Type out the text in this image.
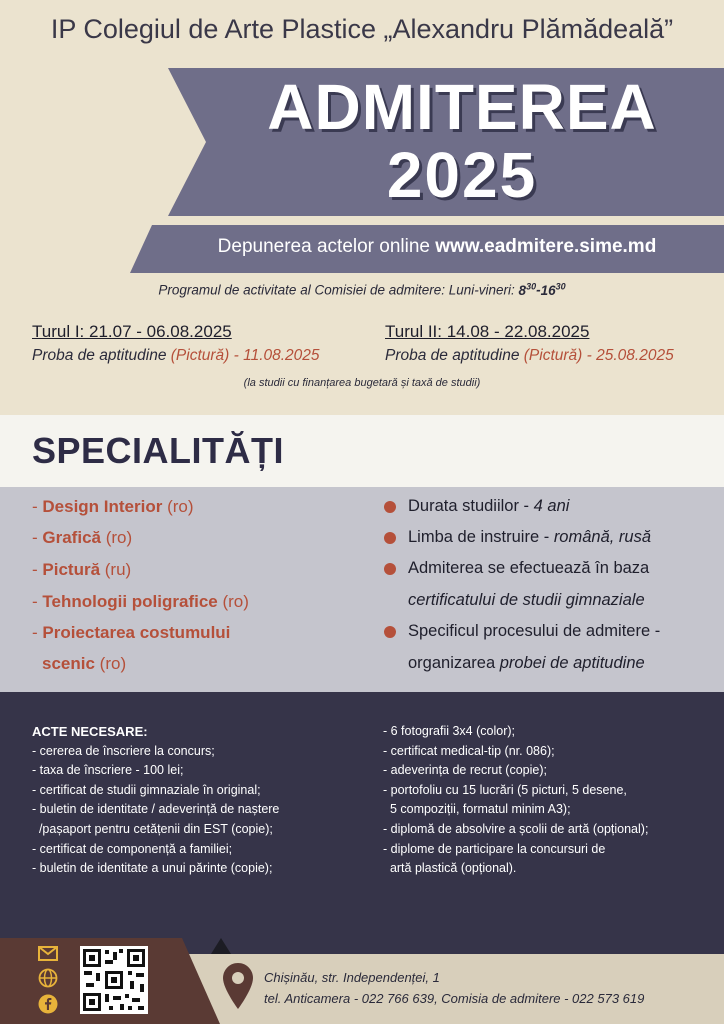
IP Colegiul de Arte Plastice „Alexandru Plămădeală”
ADMITEREA
2025
Depunerea actelor online www.eadmitere.sime.md
Programul de activitate al Comisiei de admitere: Luni-vineri: $8^{30}-16^{30}$
Turul I: 21.07 - 06.08.2025
Proba de aptitudine (Pictură) - 11.08.2025
Turul II: 14.08 - 22.08.2025
Proba de aptitudine (Pictură) - 25.08.2025
(la studii cu finanțarea bugetară și taxă de studii)
SPECIALITĂȚI
- Design Interior (ro)
- Grafică (ro)
- Pictură (ru)
- Tehnologii poligrafice (ro)
- Proiectarea costumului
scenic (ro)
Durata studiilor - 4 ani
Limba de instruire - română, rusă
Admiterea se efectuează în baza
certificatului de studii gimnaziale
Specificul procesului de admitere -
organizarea probei de aptitudine
ACTE NECESARE:
- cererea de înscriere la concurs;
- taxa de înscriere - 100 lei;
- certificat de studii gimnaziale în original;
- buletin de identitate / adeverință de naștere
/pașaport pentru cetățenii din EST (copie);
- certificat de componență a familiei;
- buletin de identitate a unui părinte (copie);
- 6 fotografii 3x4 (color);
- certificat medical-tip (nr. 086);
- adeverința de recrut (copie);
- portofoliu cu 15 lucrări (5 picturi, 5 desene,
5 compoziții, formatul minim A3);
- diplomă de absolvire a școlii de artă (opțional);
- diplome de participare la concursuri de
artă plastică (opțional).
Chișinău, str. Independenței, 1
tel. Anticamera - 022 766 639, Comisia de admitere - 022 573 619
